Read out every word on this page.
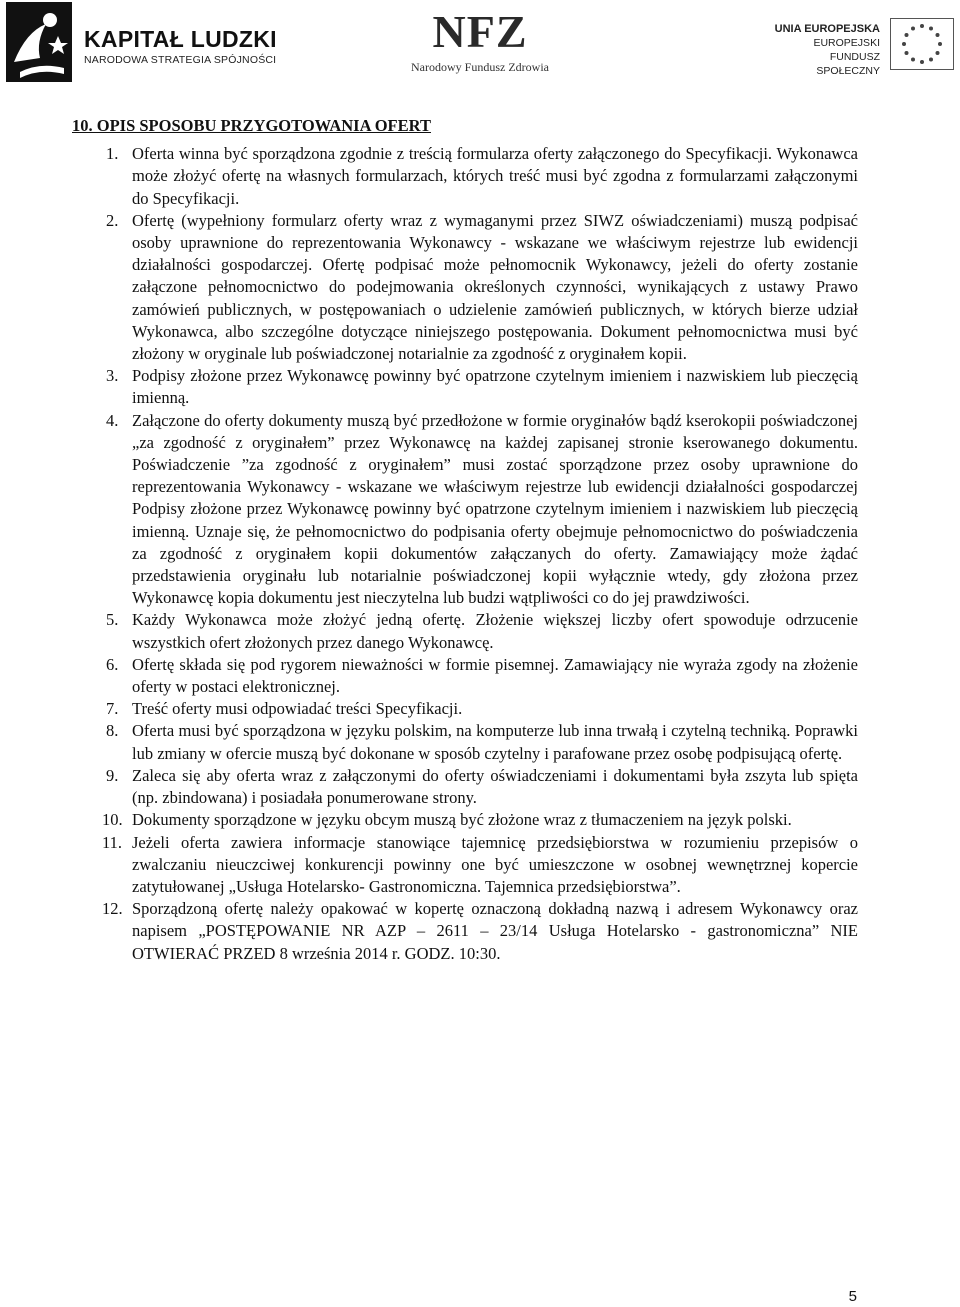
KAPITAŁ LUDZKI
NARODOWA STRATEGIA SPÓJNOŚCI
NFZ
Narodowy Fundusz Zdrowia
UNIA EUROPEJSKA
EUROPEJSKI
FUNDUSZ SPOŁECZNY
10. OPIS SPOSOBU PRZYGOTOWANIA OFERT
1. Oferta winna być sporządzona zgodnie z treścią formularza oferty załączonego do Specyfikacji. Wykonawca może złożyć ofertę na własnych formularzach, których treść musi być zgodna z formularzami załączonymi do Specyfikacji.
2. Ofertę (wypełniony formularz oferty wraz z wymaganymi przez SIWZ oświadczeniami) muszą podpisać osoby uprawnione do reprezentowania Wykonawcy - wskazane we właściwym rejestrze lub ewidencji działalności gospodarczej. Ofertę podpisać może pełnomocnik Wykonawcy, jeżeli do oferty zostanie załączone pełnomocnictwo do podejmowania określonych czynności, wynikających z ustawy Prawo zamówień publicznych, w postępowaniach o udzielenie zamówień publicznych, w których bierze udział Wykonawca, albo szczególne dotyczące niniejszego postępowania. Dokument pełnomocnictwa musi być złożony w oryginale lub poświadczonej notarialnie za zgodność z oryginałem kopii.
3. Podpisy złożone przez Wykonawcę powinny być opatrzone czytelnym imieniem i nazwiskiem lub pieczęcią imienną.
4. Załączone do oferty dokumenty muszą być przedłożone w formie oryginałów bądź kserokopii poświadczonej „za zgodność z oryginałem” przez Wykonawcę na każdej zapisanej stronie kserowanego dokumentu. Poświadczenie ”za zgodność z oryginałem” musi zostać sporządzone przez osoby uprawnione do reprezentowania Wykonawcy - wskazane we właściwym rejestrze lub ewidencji działalności gospodarczej Podpisy złożone przez Wykonawcę powinny być opatrzone czytelnym imieniem i nazwiskiem lub pieczęcią imienną. Uznaje się, że pełnomocnictwo do podpisania oferty obejmuje pełnomocnictwo do poświadczenia za zgodność z oryginałem kopii dokumentów załączanych do oferty. Zamawiający może żądać przedstawienia oryginału lub notarialnie poświadczonej kopii wyłącznie wtedy, gdy złożona przez Wykonawcę kopia dokumentu jest nieczytelna lub budzi wątpliwości co do jej prawdziwości.
5. Każdy Wykonawca może złożyć jedną ofertę. Złożenie większej liczby ofert spowoduje odrzucenie wszystkich ofert złożonych przez danego Wykonawcę.
6. Ofertę składa się pod rygorem nieważności w formie pisemnej. Zamawiający nie wyraża zgody na złożenie oferty w postaci elektronicznej.
7. Treść oferty musi odpowiadać treści Specyfikacji.
8. Oferta musi być sporządzona w języku polskim, na komputerze lub inna trwałą i czytelną techniką. Poprawki lub zmiany w ofercie muszą być dokonane w sposób czytelny i parafowane przez osobę podpisującą ofertę.
9. Zaleca się aby oferta wraz z załączonymi do oferty oświadczeniami i dokumentami była zszyta lub spięta (np. zbindowana) i posiadała ponumerowane strony.
10. Dokumenty sporządzone w języku obcym muszą być złożone wraz z tłumaczeniem na język polski.
11. Jeżeli oferta zawiera informacje stanowiące tajemnicę przedsiębiorstwa w rozumieniu przepisów o zwalczaniu nieuczciwej konkurencji powinny one być umieszczone w osobnej wewnętrznej kopercie zatytułowanej „Usługa Hotelarsko- Gastronomiczna. Tajemnica przedsiębiorstwa”.
12. Sporządzoną ofertę należy opakować w kopertę oznaczoną dokładną nazwą i adresem Wykonawcy oraz napisem „POSTĘPOWANIE NR AZP – 2611 – 23/14 Usługa Hotelarsko - gastronomiczna” NIE OTWIERAĆ PRZED 8 września 2014 r. GODZ. 10:30.
5
